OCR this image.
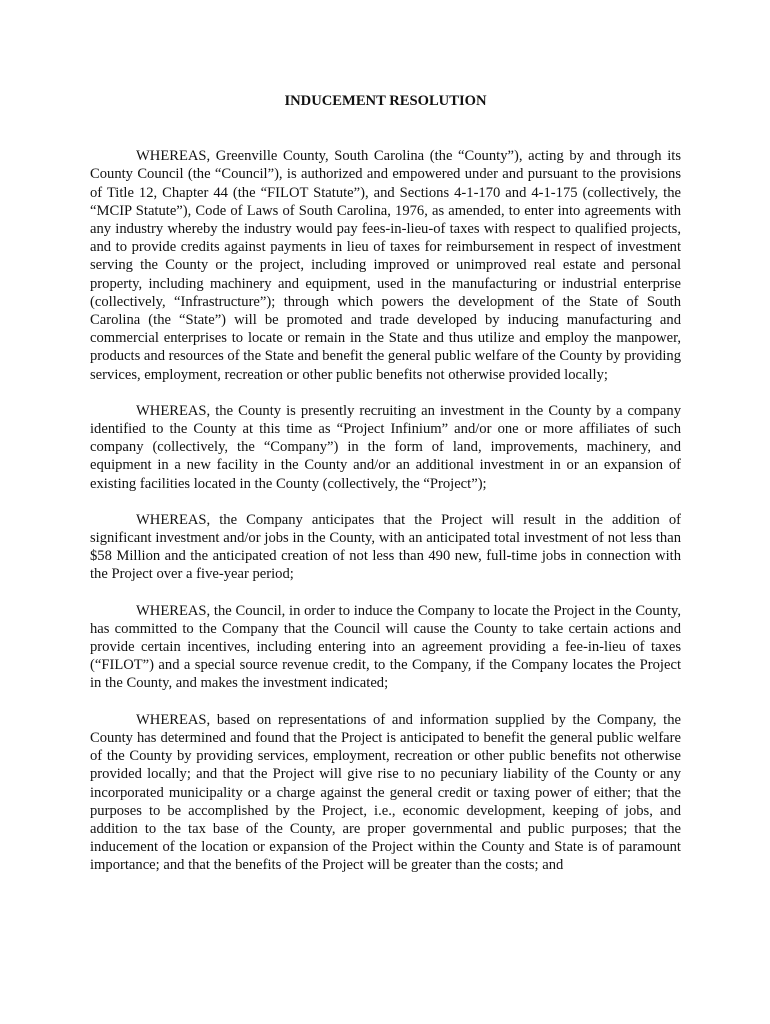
INDUCEMENT RESOLUTION

WHEREAS, Greenville County, South Carolina (the “County”), acting by and through its County Council (the “Council”), is authorized and empowered under and pursuant to the provisions of Title 12, Chapter 44 (the “FILOT Statute”), and Sections 4-1-170 and 4-1-175 (collectively, the “MCIP Statute”), Code of Laws of South Carolina, 1976, as amended, to enter into agreements with any industry whereby the industry would pay fees-in-lieu-of taxes with respect to qualified projects, and to provide credits against payments in lieu of taxes for reimbursement in respect of investment serving the County or the project, including improved or unimproved real estate and personal property, including machinery and equipment, used in the manufacturing or industrial enterprise (collectively, “Infrastructure”); through which powers the development of the State of South Carolina (the “State”) will be promoted and trade developed by inducing manufacturing and commercial enterprises to locate or remain in the State and thus utilize and employ the manpower, products and resources of the State and benefit the general public welfare of the County by providing services, employment, recreation or other public benefits not otherwise provided locally;

WHEREAS, the County is presently recruiting an investment in the County by a company identified to the County at this time as “Project Infinium” and/or one or more affiliates of such company (collectively, the “Company”) in the form of land, improvements, machinery, and equipment in a new facility in the County and/or an additional investment in or an expansion of existing facilities located in the County (collectively, the “Project”);

WHEREAS, the Company anticipates that the Project will result in the addition of significant investment and/or jobs in the County, with an anticipated total investment of not less than $58 Million and the anticipated creation of not less than 490 new, full-time jobs in connection with the Project over a five-year period;

WHEREAS, the Council, in order to induce the Company to locate the Project in the County, has committed to the Company that the Council will cause the County to take certain actions and provide certain incentives, including entering into an agreement providing a fee-in-lieu of taxes (“FILOT”) and a special source revenue credit, to the Company, if the Company locates the Project in the County, and makes the investment indicated;

WHEREAS, based on representations of and information supplied by the Company, the County has determined and found that the Project is anticipated to benefit the general public welfare of the County by providing services, employment, recreation or other public benefits not otherwise provided locally; and that the Project will give rise to no pecuniary liability of the County or any incorporated municipality or a charge against the general credit or taxing power of either; that the purposes to be accomplished by the Project, i.e., economic development, keeping of jobs, and addition to the tax base of the County, are proper governmental and public purposes; that the inducement of the location or expansion of the Project within the County and State is of paramount importance; and that the benefits of the Project will be greater than the costs; and
